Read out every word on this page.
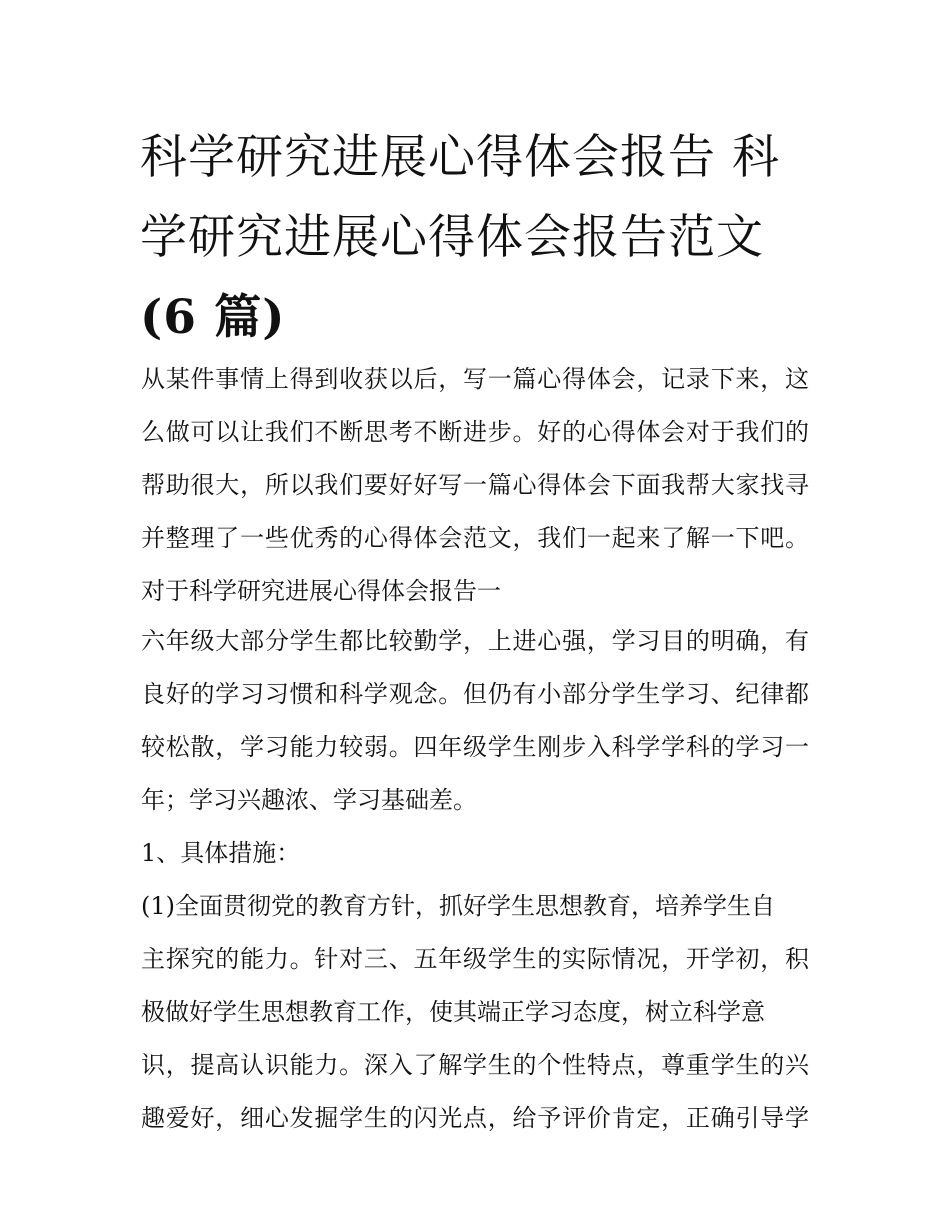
科学研究进展心得体会报告 科
学研究进展心得体会报告范文
(6 篇)
从某件事情上得到收获以后，写一篇心得体会，记录下来，这
么做可以让我们不断思考不断进步。好的心得体会对于我们的
帮助很大，所以我们要好好写一篇心得体会下面我帮大家找寻
并整理了一些优秀的心得体会范文，我们一起来了解一下吧。
对于科学研究进展心得体会报告一
六年级大部分学生都比较勤学，上进心强，学习目的明确，有
良好的学习习惯和科学观念。但仍有小部分学生学习、纪律都
较松散，学习能力较弱。四年级学生刚步入科学学科的学习一
年；学习兴趣浓、学习基础差。
1、具体措施：
(1)全面贯彻党的教育方针，抓好学生思想教育，培养学生自
主探究的能力。针对三、五年级学生的实际情况，开学初，积
极做好学生思想教育工作，使其端正学习态度，树立科学意
识，提高认识能力。深入了解学生的个性特点，尊重学生的兴
趣爱好，细心发掘学生的闪光点，给予评价肯定，正确引导学
